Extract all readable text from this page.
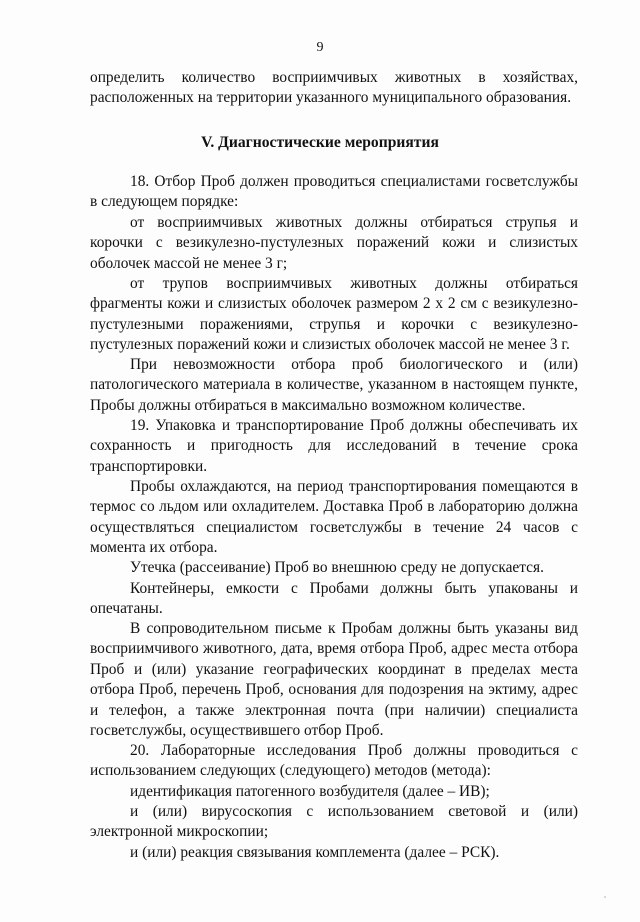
9

определить количество восприимчивых животных в хозяйствах, расположенных на территории указанного муниципального образования.

V. Диагностические мероприятия

18. Отбор Проб должен проводиться специалистами госветслужбы в следующем порядке:

от восприимчивых животных должны отбираться струпья и корочки с везикулезно-пустулезных поражений кожи и слизистых оболочек массой не менее 3 г;

от трупов восприимчивых животных должны отбираться фрагменты кожи и слизистых оболочек размером 2 х 2 см с везикулезно-пустулезными поражениями, струпья и корочки с везикулезно-пустулезных поражений кожи и слизистых оболочек массой не менее 3 г.

При невозможности отбора проб биологического и (или) патологического материала в количестве, указанном в настоящем пункте, Пробы должны отбираться в максимально возможном количестве.

19. Упаковка и транспортирование Проб должны обеспечивать их сохранность и пригодность для исследований в течение срока транспортировки.

Пробы охлаждаются, на период транспортирования помещаются в термос со льдом или охладителем. Доставка Проб в лабораторию должна осуществляться специалистом госветслужбы в течение 24 часов с момента их отбора.

Утечка (рассеивание) Проб во внешнюю среду не допускается.

Контейнеры, емкости с Пробами должны быть упакованы и опечатаны.

В сопроводительном письме к Пробам должны быть указаны вид восприимчивого животного, дата, время отбора Проб, адрес места отбора Проб и (или) указание географических координат в пределах места отбора Проб, перечень Проб, основания для подозрения на эктиму, адрес и телефон, а также электронная почта (при наличии) специалиста госветслужбы, осуществившего отбор Проб.

20. Лабораторные исследования Проб должны проводиться с использованием следующих (следующего) методов (метода):

идентификация патогенного возбудителя (далее – ИВ);

и (или) вирусоскопия с использованием световой и (или) электронной микроскопии;

и (или) реакция связывания комплемента (далее – РСК).
